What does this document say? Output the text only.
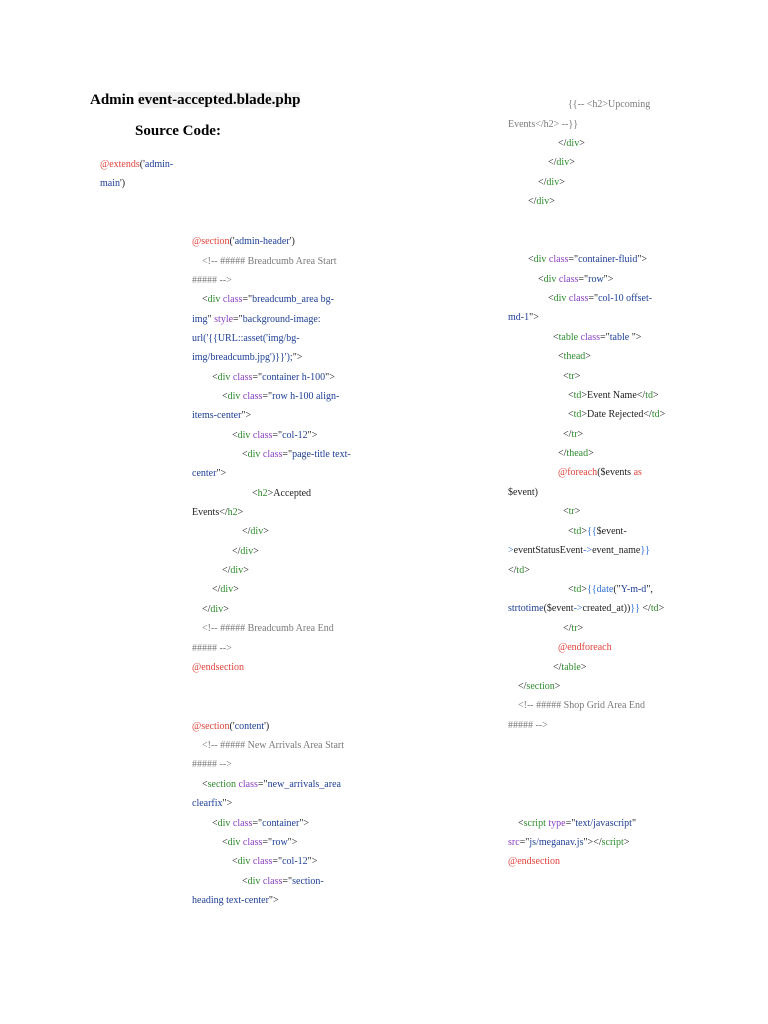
Admin event-accepted.blade.php
Source Code:
@extends('admin-
main')
@section('admin-header')
<!-- ##### Breadcumb Area Start
##### -->
<div class="breadcumb_area bg-
img" style="background-image:
url('{{URL::asset('img/bg-
img/breadcumb.jpg')}}');">
<div class="container h-100">
<div class="row h-100 align-
items-center">
<div class="col-12">
<div class="page-title text-
center">
<h2>Accepted
Events</h2>
</div>
</div>
</div>
</div>
</div>
<!-- ##### Breadcumb Area End
##### -->
@endsection
@section('content')
<!-- ##### New Arrivals Area Start
##### -->
<section class="new_arrivals_area
clearfix">
<div class="container">
<div class="row">
<div class="col-12">
<div class="section-
heading text-center">
{{-- <h2>Upcoming
Events</h2> --}}
</div>
</div>
</div>
</div>
<div class="container-fluid">
<div class="row">
<div class="col-10 offset-
md-1">
<table class="table ">
<thead>
<tr>
<td>Event Name</td>
<td>Date Rejected</td>
</tr>
</thead>
@foreach($events as
$event)
<tr>
<td>{{$event-
>eventStatusEvent->event_name}}
</td>
<td>{{date("Y-m-d",
strtotime($event->created_at))}} </td>
</tr>
@endforeach
</table>
</section>
<!-- ##### Shop Grid Area End
##### -->
<script type="text/javascript"
src="js/meganav.js"></script>
@endsection
